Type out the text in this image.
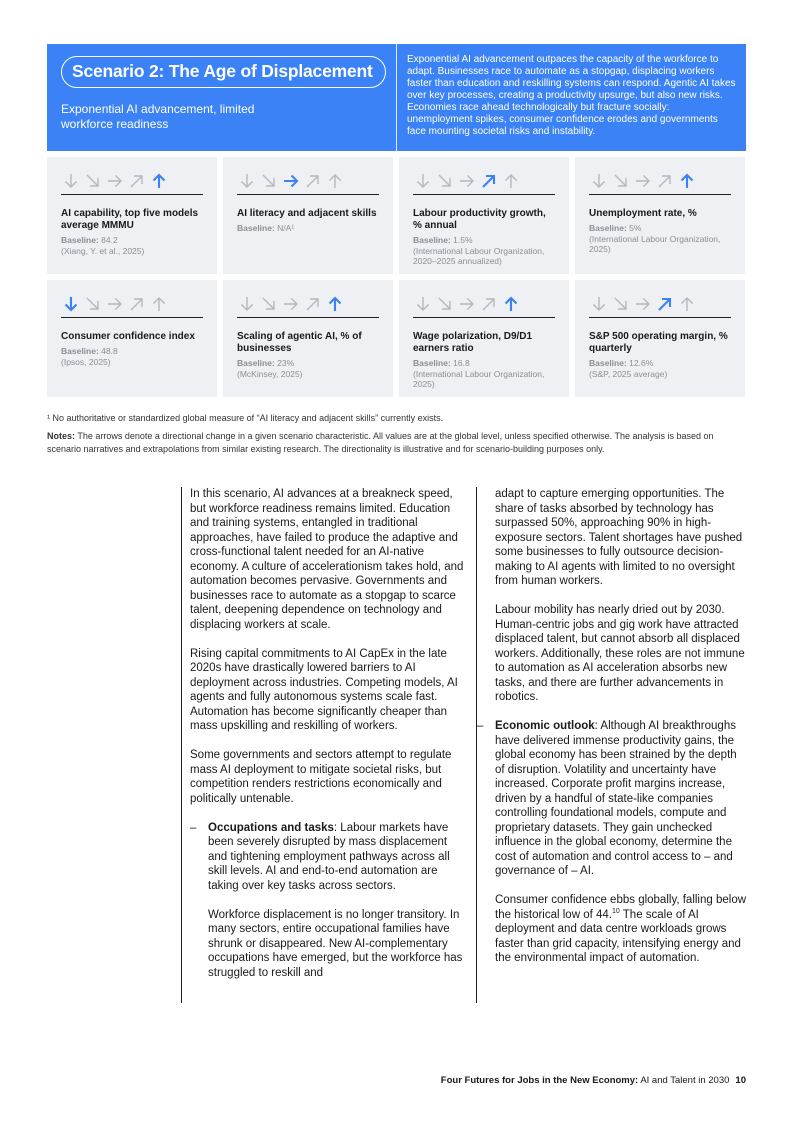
Scenario 2: The Age of Displacement
Exponential AI advancement, limited workforce readiness
Exponential AI advancement outpaces the capacity of the workforce to adapt. Businesses race to automate as a stopgap, displacing workers faster than education and reskilling systems can respond. Agentic AI takes over key processes, creating a productivity upsurge, but also new risks. Economies race ahead technologically but fracture socially: unemployment spikes, consumer confidence erodes and governments face mounting societal risks and instability.
AI capability, top five models average MMMU
Baseline: 84.2
(Xiang, Y. et al., 2025)
AI literacy and adjacent skills
Baseline: N/A¹
Labour productivity growth, % annual
Baseline: 1.5%
(International Labour Organization, 2020–2025 annualized)
Unemployment rate, %
Baseline: 5%
(International Labour Organization, 2025)
Consumer confidence index
Baseline: 48.8
(Ipsos, 2025)
Scaling of agentic AI, % of businesses
Baseline: 23%
(McKinsey, 2025)
Wage polarization, D9/D1 earners ratio
Baseline: 16.8
(International Labour Organization, 2025)
S&P 500 operating margin, % quarterly
Baseline: 12.6%
(S&P, 2025 average)
¹ No authoritative or standardized global measure of “AI literacy and adjacent skills” currently exists.
Notes: The arrows denote a directional change in a given scenario characteristic. All values are at the global level, unless specified otherwise. The analysis is based on scenario narratives and extrapolations from similar existing research. The directionality is illustrative and for scenario-building purposes only.

In this scenario, AI advances at a breakneck speed, but workforce readiness remains limited. Education and training systems, entangled in traditional approaches, have failed to produce the adaptive and cross-functional talent needed for an AI-native economy. A culture of accelerationism takes hold, and automation becomes pervasive. Governments and businesses race to automate as a stopgap to scarce talent, deepening dependence on technology and displacing workers at scale.

Rising capital commitments to AI CapEx in the late 2020s have drastically lowered barriers to AI deployment across industries. Competing models, AI agents and fully autonomous systems scale fast. Automation has become significantly cheaper than mass upskilling and reskilling of workers.

Some governments and sectors attempt to regulate mass AI deployment to mitigate societal risks, but competition renders restrictions economically and politically untenable.

– Occupations and tasks: Labour markets have been severely disrupted by mass displacement and tightening employment pathways across all skill levels. AI and end-to-end automation are taking over key tasks across sectors.

Workforce displacement is no longer transitory. In many sectors, entire occupational families have shrunk or disappeared. New AI-complementary occupations have emerged, but the workforce has struggled to reskill and

adapt to capture emerging opportunities. The share of tasks absorbed by technology has surpassed 50%, approaching 90% in high-exposure sectors. Talent shortages have pushed some businesses to fully outsource decision-making to AI agents with limited to no oversight from human workers.

Labour mobility has nearly dried out by 2030. Human-centric jobs and gig work have attracted displaced talent, but cannot absorb all displaced workers. Additionally, these roles are not immune to automation as AI acceleration absorbs new tasks, and there are further advancements in robotics.

– Economic outlook: Although AI breakthroughs have delivered immense productivity gains, the global economy has been strained by the depth of disruption. Volatility and uncertainty have increased. Corporate profit margins increase, driven by a handful of state-like companies controlling foundational models, compute and proprietary datasets. They gain unchecked influence in the global economy, determine the cost of automation and control access to – and governance of – AI.

Consumer confidence ebbs globally, falling below the historical low of 44.10 The scale of AI deployment and data centre workloads grows faster than grid capacity, intensifying energy and the environmental impact of automation.

Four Futures for Jobs in the New Economy: AI and Talent in 2030 10
